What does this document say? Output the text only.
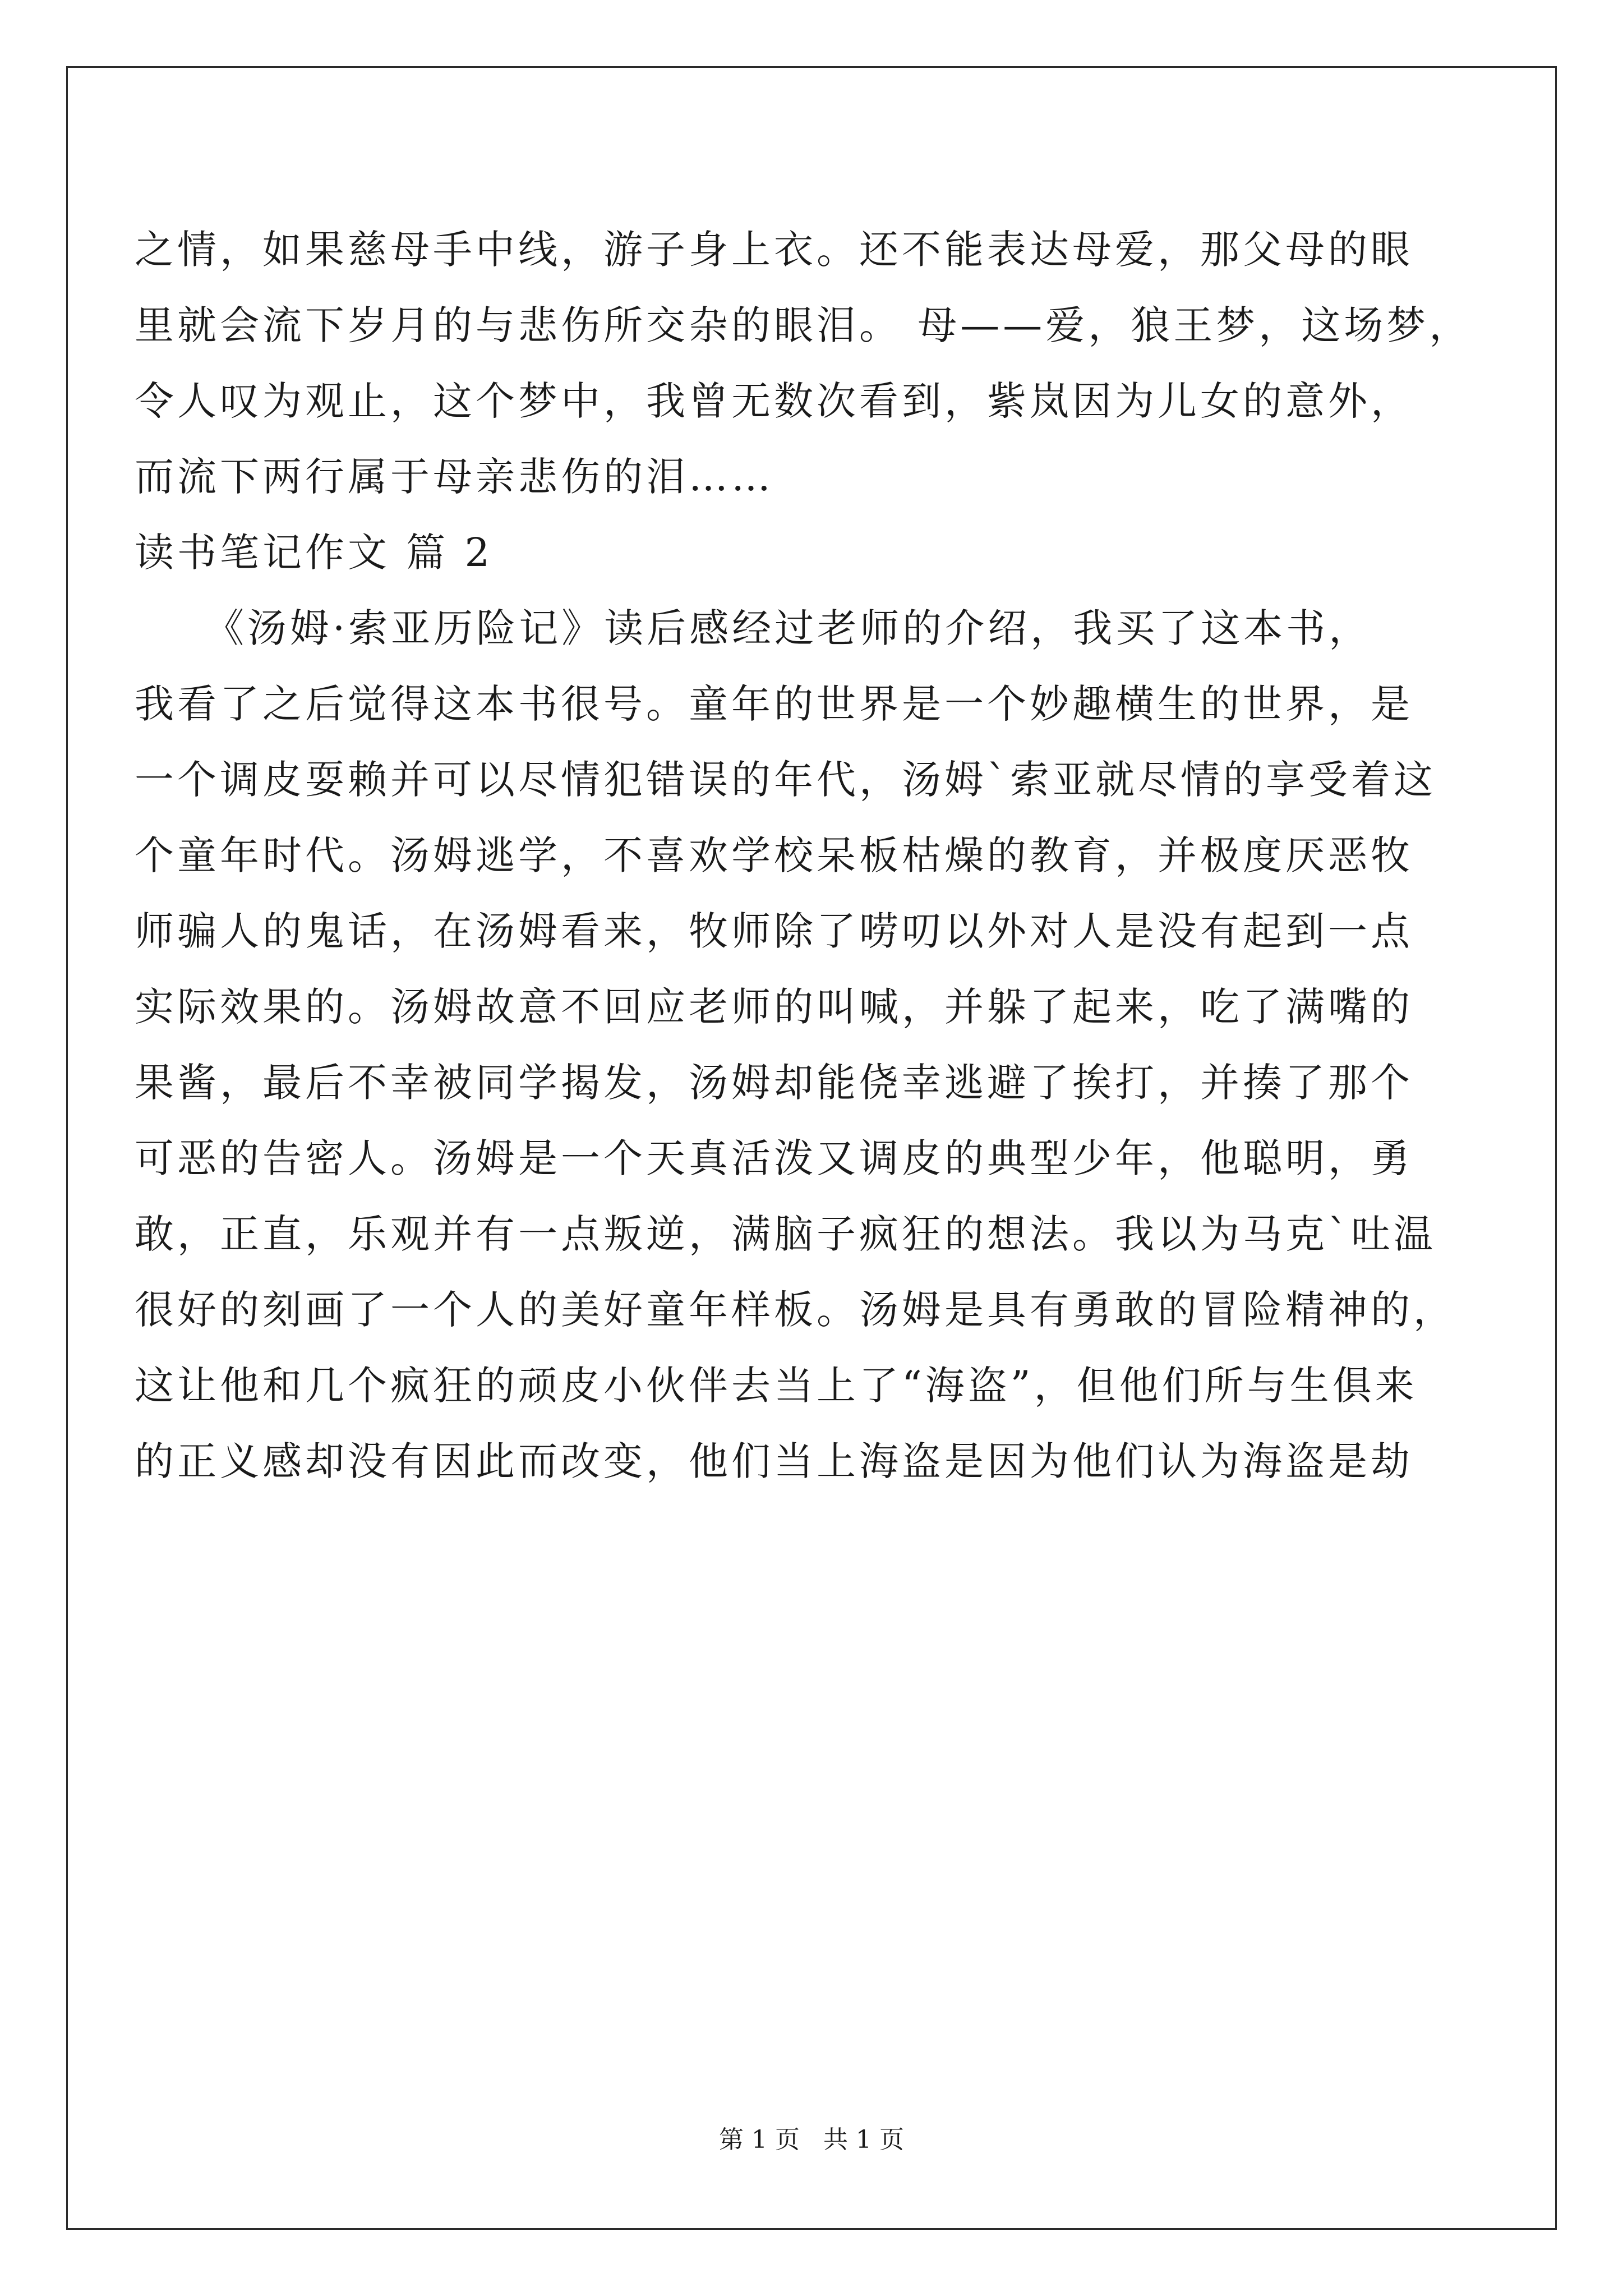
之情，如果慈母手中线，游子身上衣。还不能表达母爱，那父母的眼
里就会流下岁月的与悲伤所交杂的眼泪。 母——爱，狼王梦，这场梦，
令人叹为观止，这个梦中，我曾无数次看到，紫岚因为儿女的意外，
而流下两行属于母亲悲伤的泪……
读书笔记作文 篇 2
《汤姆·索亚历险记》读后感经过老师的介绍，我买了这本书，
我看了之后觉得这本书很号。童年的世界是一个妙趣横生的世界，是
一个调皮耍赖并可以尽情犯错误的年代，汤姆`索亚就尽情的享受着这
个童年时代。汤姆逃学，不喜欢学校呆板枯燥的教育，并极度厌恶牧
师骗人的鬼话，在汤姆看来，牧师除了唠叨以外对人是没有起到一点
实际效果的。汤姆故意不回应老师的叫喊，并躲了起来，吃了满嘴的
果酱，最后不幸被同学揭发，汤姆却能侥幸逃避了挨打，并揍了那个
可恶的告密人。汤姆是一个天真活泼又调皮的典型少年，他聪明，勇
敢，正直，乐观并有一点叛逆，满脑子疯狂的想法。我以为马克`吐温
很好的刻画了一个人的美好童年样板。汤姆是具有勇敢的冒险精神的，
这让他和几个疯狂的顽皮小伙伴去当上了“海盗”，但他们所与生俱来
的正义感却没有因此而改变，他们当上海盗是因为他们认为海盗是劫
第 1 页   共 1 页
